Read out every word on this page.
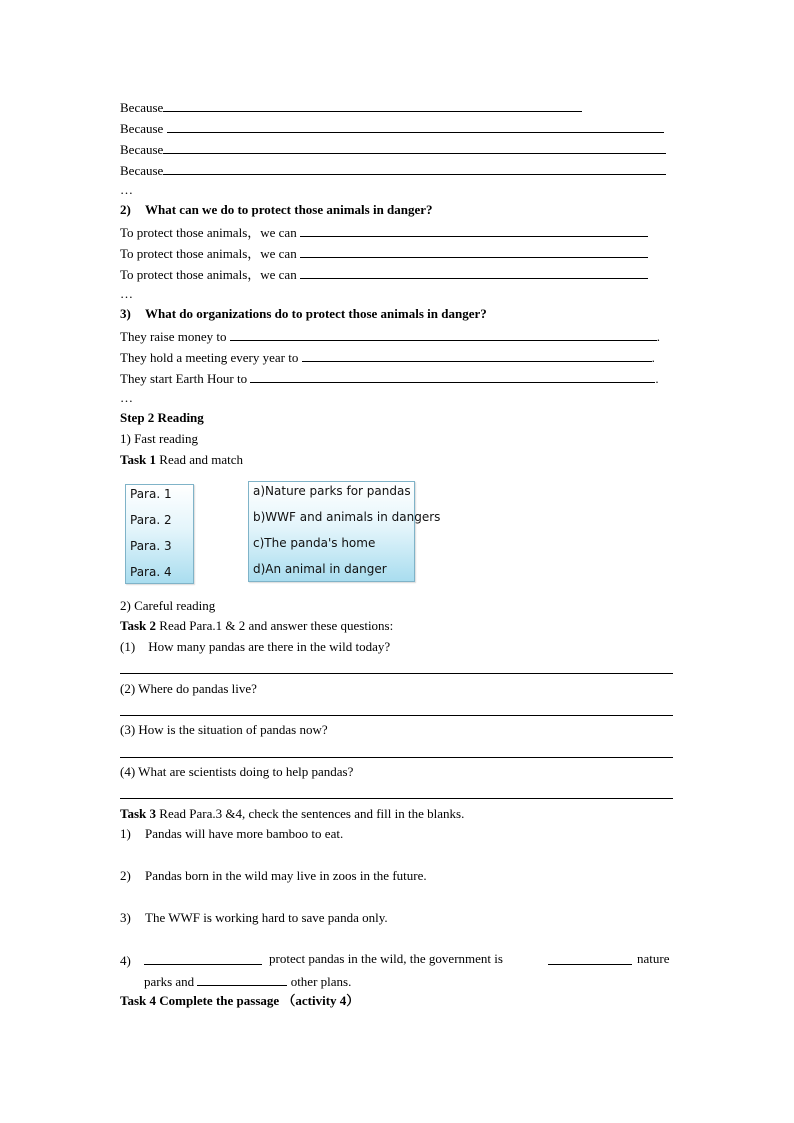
Because
Because
Because
Because
…
2) What can we do to protect those animals in danger?
To protect those animals，we can
To protect those animals，we can
To protect those animals，we can
…
3) What do organizations do to protect those animals in danger?
They raise money to	.
They hold a meeting every year to	.
They start Earth Hour to	.
…
Step 2 Reading
1) Fast reading
Task 1 Read and match
Para. 1
Para. 2
Para. 3
Para. 4
a)Nature parks for pandas
b)WWF and animals in dangers
c)The panda's home
d)An animal in danger
2) Careful reading
Task 2 Read Para.1 & 2 and answer these questions:
(1) How many pandas are there in the wild today?
(2) Where do pandas live?
(3) How is the situation of pandas now?
(4) What are scientists doing to help pandas?
Task 3 Read Para.3 &4, check the sentences and fill in the blanks.
1) Pandas will have more bamboo to eat.
2) Pandas born in the wild may live in zoos in the future.
3) The WWF is working hard to save panda only.
4)	protect pandas in the wild, the government is	nature
parks and	other plans.
Task 4 Complete the passage （activity 4）
